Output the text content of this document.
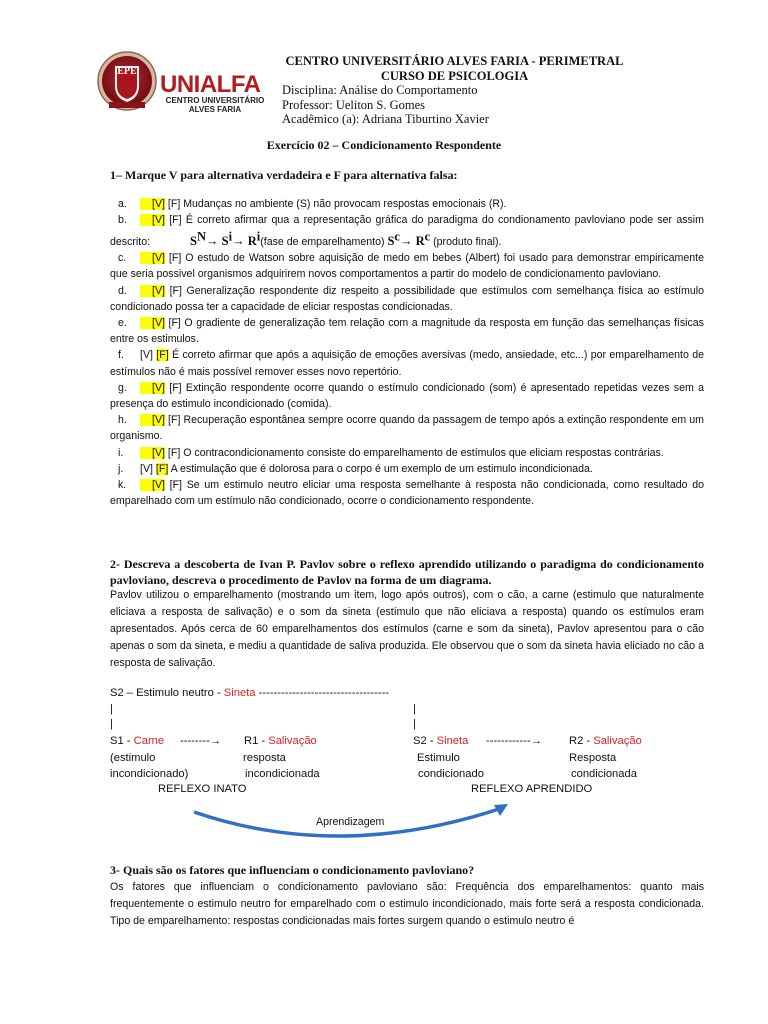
EPE UNIALFA
CENTRO UNIVERSITÁRIO
ALVES FARIA
CENTRO UNIVERSITÁRIO ALVES FARIA - PERIMETRAL
CURSO DE PSICOLOGIA
Disciplina: Análise do Comportamento
Professor: Ueliton S. Gomes
Acadêmico (a): Adriana Tiburtino Xavier
Exercício 02 – Condicionamento Respondente
1– Marque V para alternativa verdadeira e F para alternativa falsa:
a. [V] [F] Mudanças no ambiente (S) não provocam respostas emocionais (R).
b. [V] [F] É correto afirmar qua a representação gráfica do paradigma do condionamento pavloviano pode ser assim descrito:	$S^N\to S^i\to$ $R^i(fase$ de emparelhamento) $S^c\to R^c$ (produto final).
c. [V] [F] O estudo de Watson sobre aquisição de medo em bebes (Albert) foi usado para demonstrar empiricamente que seria possivel organismos adquirirem novos comportamentos a partir do modelo de condicionamento pavloviano.
d. [V] [F] Generalização respondente diz respeito a possibilidade que estímulos com semelhança física ao estímulo condicionado possa ter a capacidade de eliciar respostas condicionadas.
e. [V] [F] O gradiente de generalização tem relação com a magnitude da resposta em função das semelhanças físicas entre os estimulos.
f. [V] [F] É correto afirmar que após a aquisição de emoções aversivas (medo, ansiedade, etc...) por emparelhamento de estímulos não é mais possível remover esses novo repertório.
g. [V] [F] Extinção respondente ocorre quando o estímulo condicionado (som) é apresentado repetidas vezes sem a presença do estimulo incondicionado (comida).
h. [V] [F] Recuperação espontânea sempre ocorre quando da passagem de tempo após a extinção respondente em um organismo.
i.	[V] [F] O contracondicionamento consiste do emparelhamento de estímulos que eliciam respostas contrárias.
j. [V] [F] A estimulação que é dolorosa para o corpo é um exemplo de um estimulo incondicionada.
k. [V] [F] Se um estimulo neutro eliciar uma resposta semelhante à resposta não condicionada, como resultado do emparelhado com um estímulo não condicionado, ocorre o condicionamento respondente.
2- Descreva a descoberta de Ivan P. Pavlov sobre o reflexo aprendido utilizando o paradigma do condicionamento pavloviano, descreva o procedimento de Pavlov na forma de um diagrama.
Pavlov utilizou o emparelhamento (mostrando um item, logo após outros), com o cão, a carne (estimulo que naturalmente eliciava a resposta de salivação) e o som da sineta (estímulo que não eliciava a resposta) quando os estímulos eram apresentados. Após cerca de 60 emparelhamentos dos estímulos (carne e som da sineta), Pavlov apresentou para o cão apenas o som da sineta, e mediu a quantidade de saliva produzida. Ele observou que o som da sineta havia eliciado no cão a resposta de salivação.
S2 – Estimulo neutro - Sineta -----------------------------------
|
|
|
|
S1 - Carne --------→ R1 - Salivação	S2 - Sineta ------------→ R2 - Salivação
(estimulo
incondicionado)
resposta
incondicionada
Estimulo
condicionado
Resposta
condicionada
REFLEXO INATO	REFLEXO APRENDIDO
Aprendizagem
3- Quais são os fatores que influenciam o condicionamento pavloviano?
Os fatores que influenciam o condicionamento pavloviano são: Frequência dos emparelhamentos: quanto mais frequentemente o estimulo neutro for emparelhado com o estimulo incondicionado, mais forte será a resposta condicionada. Tipo de emparelhamento: respostas condicionadas mais fortes surgem quando o estimulo neutro é
